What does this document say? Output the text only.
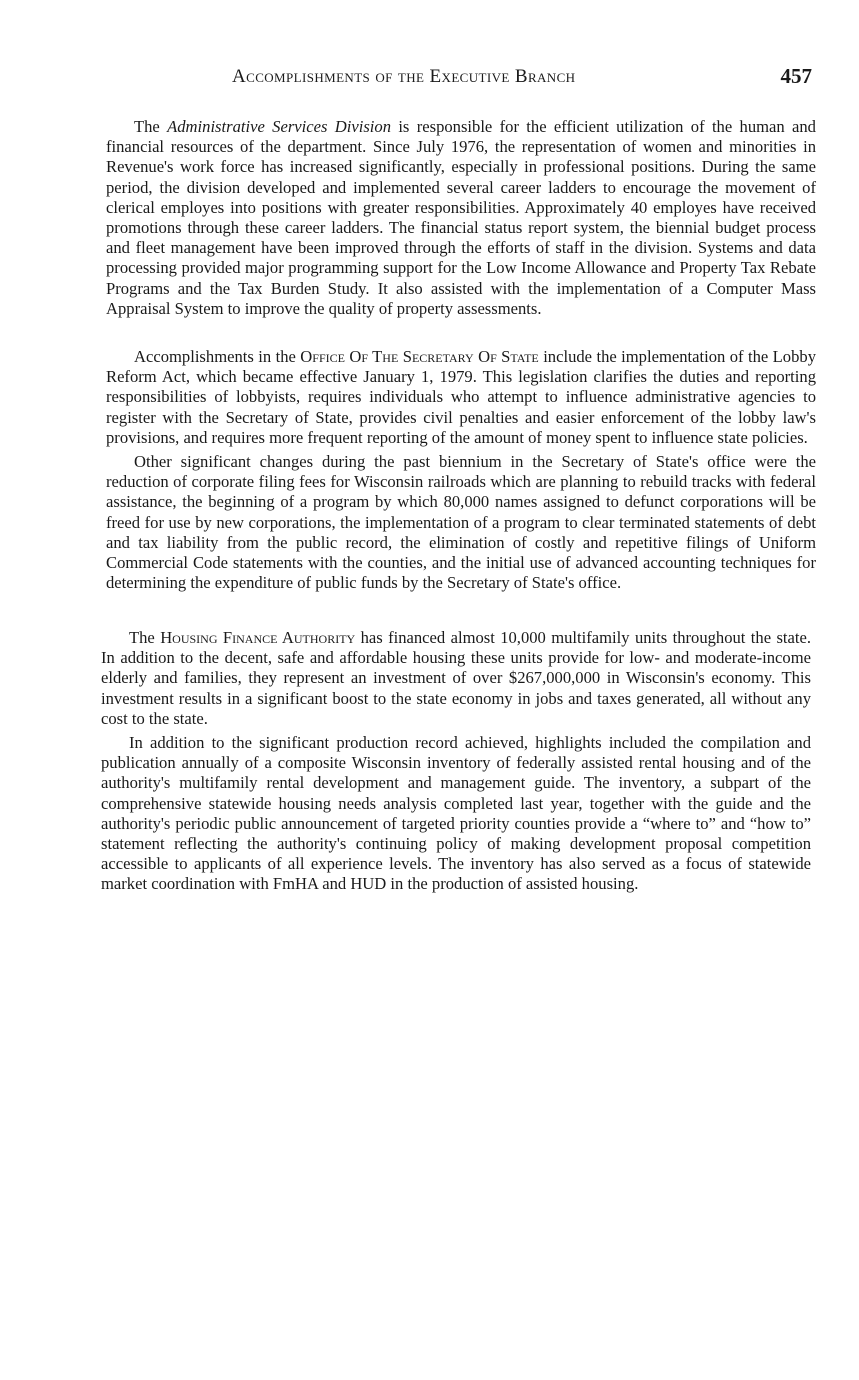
Accomplishments of the Executive Branch	457

The Administrative Services Division is responsible for the efficient utilization of the human and financial resources of the department. Since July 1976, the representation of women and minorities in Revenue's work force has increased significantly, especially in professional positions. During the same period, the division developed and implemented several career ladders to encourage the movement of clerical employes into positions with greater responsibilities. Approximately 40 employes have received promotions through these career ladders. The financial status report system, the biennial budget process and fleet management have been improved through the efforts of staff in the division. Systems and data processing provided major programming support for the Low Income Allowance and Property Tax Rebate Programs and the Tax Burden Study. It also assisted with the implementation of a Computer Mass Appraisal System to improve the quality of property assessments.

Accomplishments in the Office Of The Secretary Of State include the implementation of the Lobby Reform Act, which became effective January 1, 1979. This legislation clarifies the duties and reporting responsibilities of lobbyists, requires individuals who attempt to influence administrative agencies to register with the Secretary of State, provides civil penalties and easier enforcement of the lobby law's provisions, and requires more frequent reporting of the amount of money spent to influence state policies.

Other significant changes during the past biennium in the Secretary of State's office were the reduction of corporate filing fees for Wisconsin railroads which are planning to rebuild tracks with federal assistance, the beginning of a program by which 80,000 names assigned to defunct corporations will be freed for use by new corporations, the implementation of a program to clear terminated statements of debt and tax liability from the public record, the elimination of costly and repetitive filings of Uniform Commercial Code statements with the counties, and the initial use of advanced accounting techniques for determining the expenditure of public funds by the Secretary of State's office.

The Housing Finance Authority has financed almost 10,000 multifamily units throughout the state. In addition to the decent, safe and affordable housing these units provide for low- and moderate-income elderly and families, they represent an investment of over $267,000,000 in Wisconsin's economy. This investment results in a significant boost to the state economy in jobs and taxes generated, all without any cost to the state.

In addition to the significant production record achieved, highlights included the compilation and publication annually of a composite Wisconsin inventory of federally assisted rental housing and of the authority's multifamily rental development and management guide. The inventory, a subpart of the comprehensive statewide housing needs analysis completed last year, together with the guide and the authority's periodic public announcement of targeted priority counties provide a “where to” and “how to” statement reflecting the authority's continuing policy of making development proposal competition accessible to applicants of all experience levels. The inventory has also served as a focus of statewide market coordination with FmHA and HUD in the production of assisted housing.
